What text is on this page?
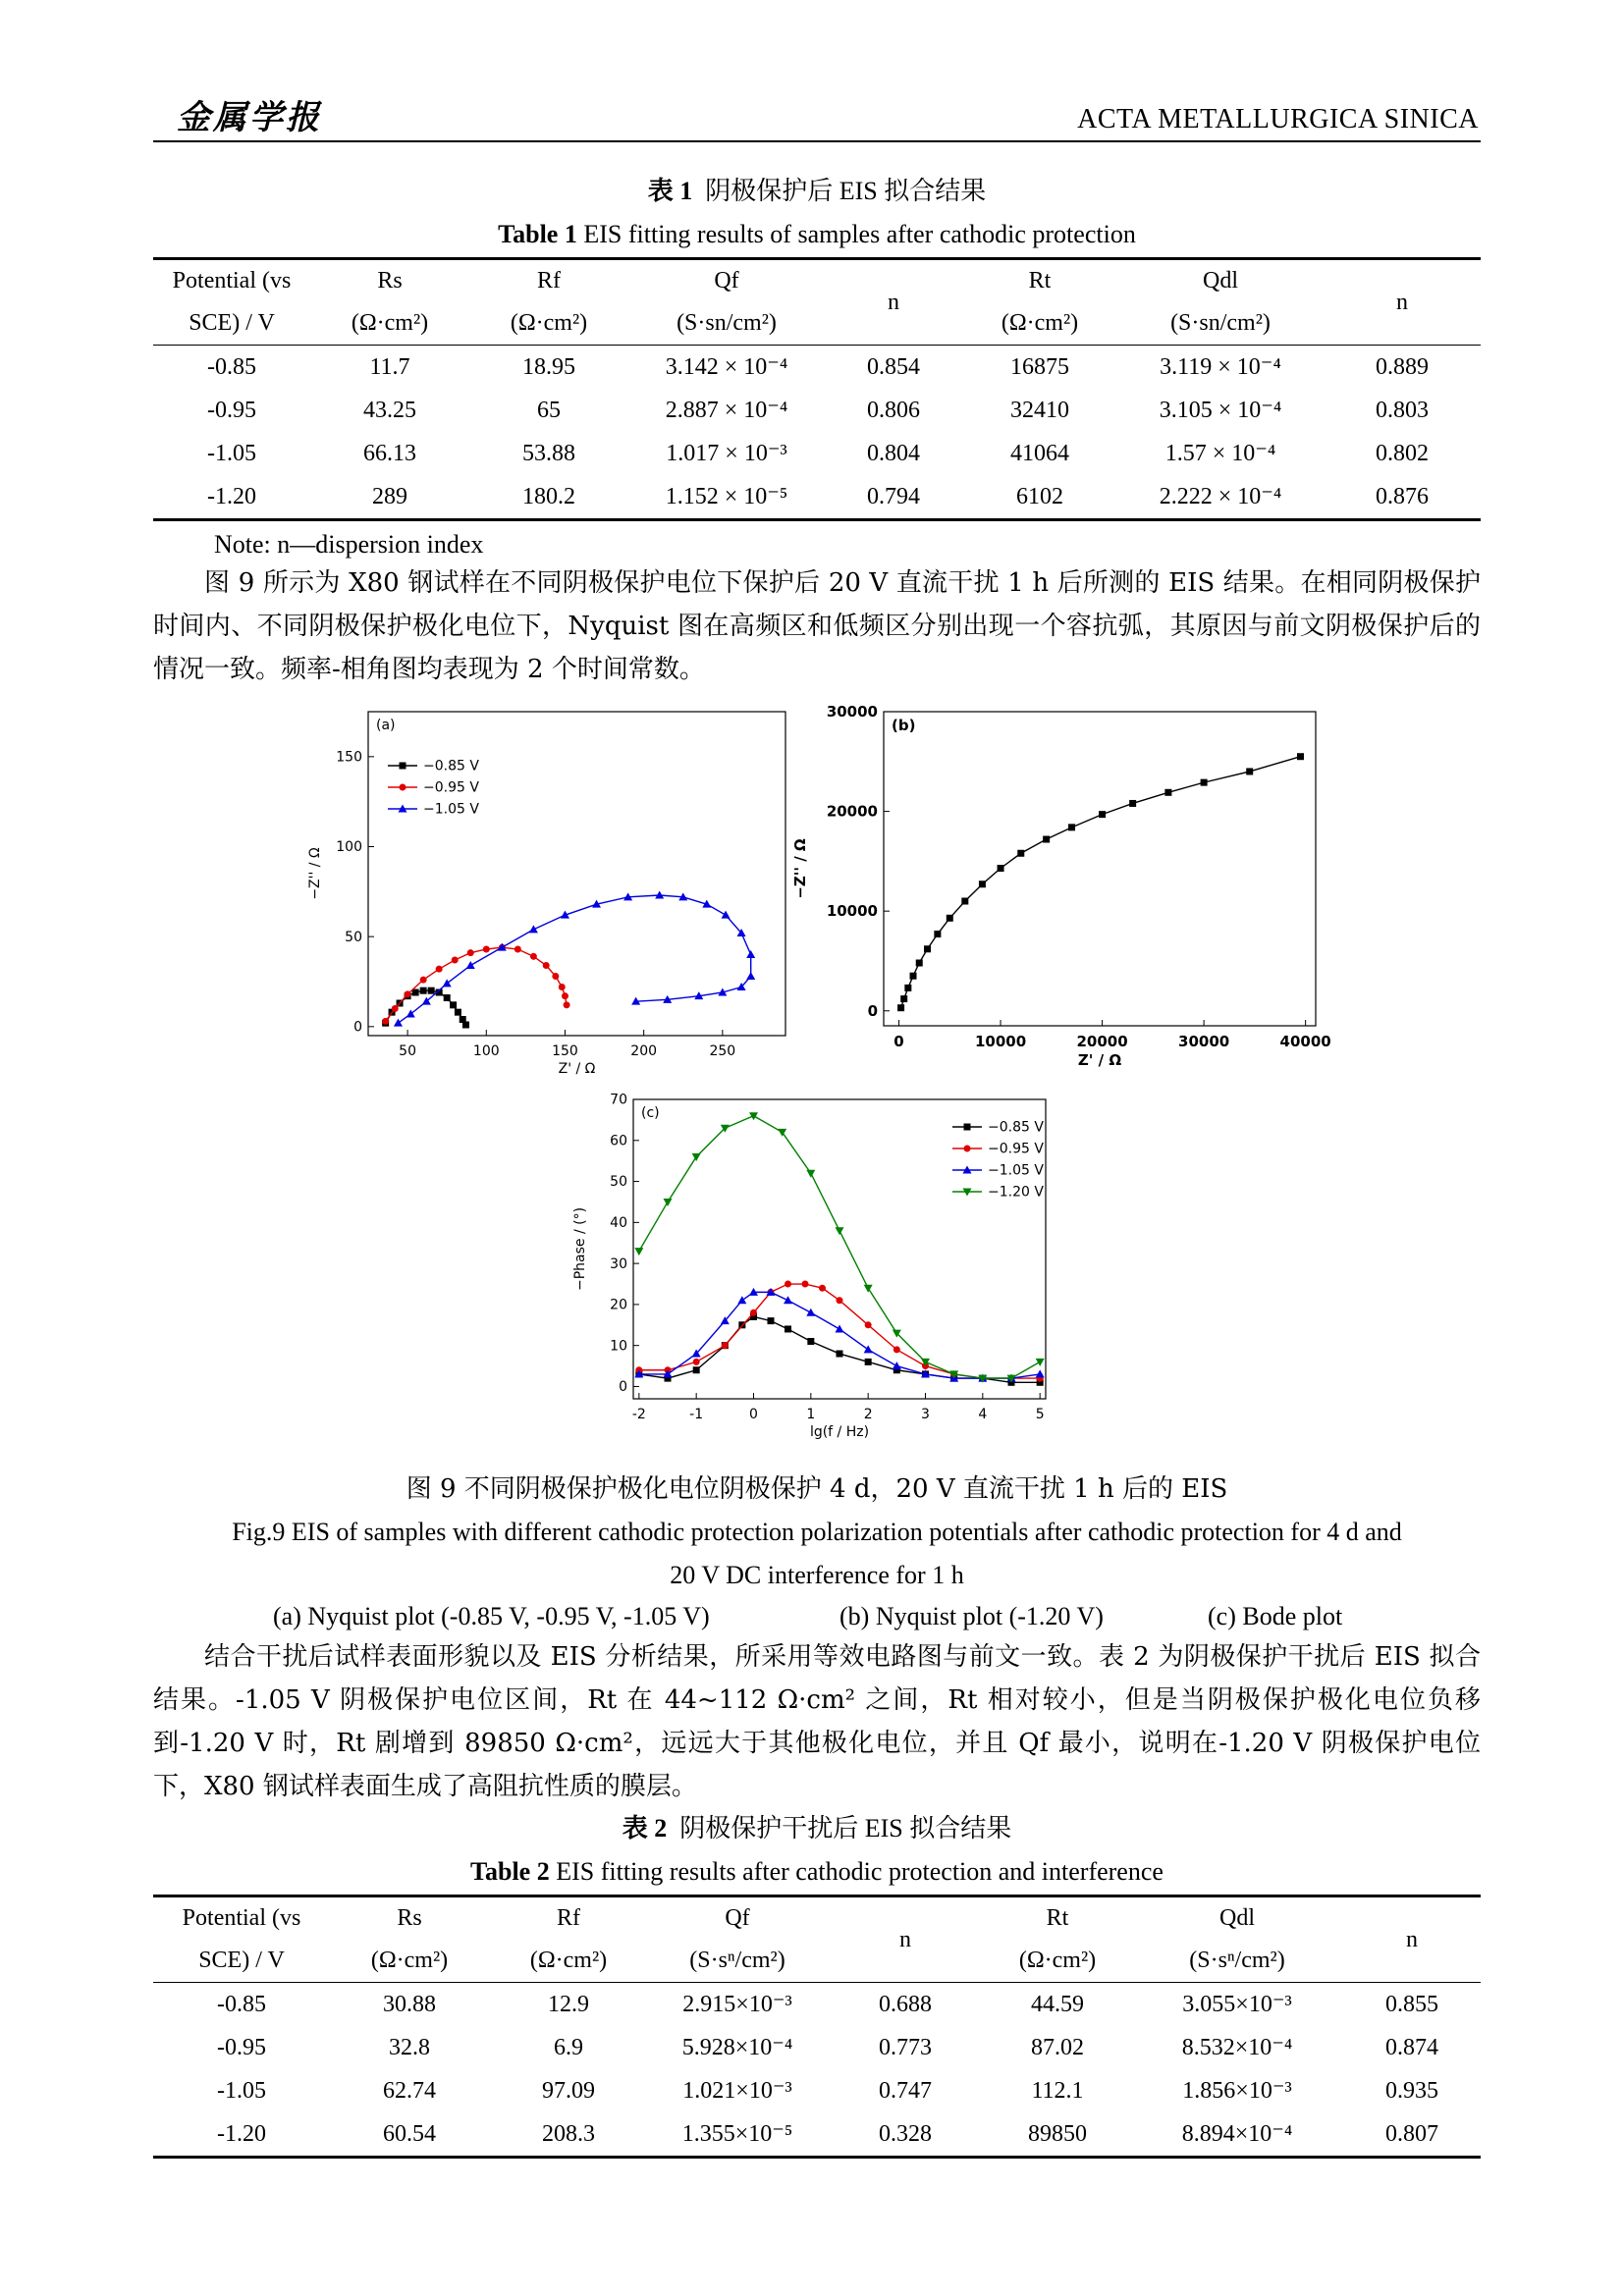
金属学报	ACTA METALLURGICA SINICA
表 1 阴极保护后 EIS 拟合结果
Table 1 EIS fitting results of samples after cathodic protection
Potential (vs	Rs	Rf	Qf	n	Rt	Qdl	n
SCE) / V	(Ω·cm²)	(Ω·cm²)	(S·sn/cm²)		(Ω·cm²)	(S·sn/cm²)	
-0.85	11.7	18.95	3.142 × 10⁻⁴	0.854	16875	3.119 × 10⁻⁴	0.889
-0.95	43.25	65	2.887 × 10⁻⁴	0.806	32410	3.105 × 10⁻⁴	0.803
-1.05	66.13	53.88	1.017 × 10⁻³	0.804	41064	1.57 × 10⁻⁴	0.802
-1.20	289	180.2	1.152 × 10⁻⁵	0.794	6102	2.222 × 10⁻⁴	0.876
Note: n—dispersion index

图 9 所示为 X80 钢试样在不同阴极保护电位下保护后 20 V 直流干扰 1 h 后所测的 EIS 结果。在相同阴极保护时间内、不同阴极保护极化电位下，Nyquist 图在高频区和低频区分别出现一个容抗弧，其原因与前文阴极保护后的情况一致。频率-相角图均表现为 2 个时间常数。

50	100	150	200	250
0
50
100
150
Z' / Ω
−Z'' / Ω
(a)
−0.85 V
−0.95 V
−1.05 V
0	10000	20000	30000	40000
0
10000
20000
30000
Z' / Ω
−Z'' / Ω
(b)
-2	-1	0	1	2	3	4	5
0
10
20
30
40
50
60
70
lg(f / Hz)
−Phase / (°)
(c)
−0.85 V
−0.95 V
−1.05 V
−1.20 V
图 9 不同阴极保护极化电位阴极保护 4 d，20 V 直流干扰 1 h 后的 EIS
Fig.9 EIS of samples with different cathodic protection polarization potentials after cathodic protection for 4 d and
20 V DC interference for 1 h
(a) Nyquist plot (-0.85 V, -0.95 V, -1.05 V)	(b) Nyquist plot (-1.20 V)	(c) Bode plot

结合干扰后试样表面形貌以及 EIS 分析结果，所采用等效电路图与前文一致。表 2 为阴极保护干扰后 EIS 拟合结果。-1.05 V 阴极保护电位区间，Rt 在 44~112 Ω·cm² 之间，Rt 相对较小，但是当阴极保护极化电位负移到-1.20 V 时，Rt 剧增到 89850 Ω·cm²，远远大于其他极化电位，并且 Qf 最小，说明在-1.20 V 阴极保护电位下，X80 钢试样表面生成了高阻抗性质的膜层。

表 2 阴极保护干扰后 EIS 拟合结果
Table 2 EIS fitting results after cathodic protection and interference
Potential (vs	Rs	Rf	Qf	n	Rt	Qdl	n
SCE) / V	(Ω·cm²)	(Ω·cm²)	(S·sⁿ/cm²)		(Ω·cm²)	(S·sⁿ/cm²)	
-0.85	30.88	12.9	2.915×10⁻³	0.688	44.59	3.055×10⁻³	0.855
-0.95	32.8	6.9	5.928×10⁻⁴	0.773	87.02	8.532×10⁻⁴	0.874
-1.05	62.74	97.09	1.021×10⁻³	0.747	112.1	1.856×10⁻³	0.935
-1.20	60.54	208.3	1.355×10⁻⁵	0.328	89850	8.894×10⁻⁴	0.807
